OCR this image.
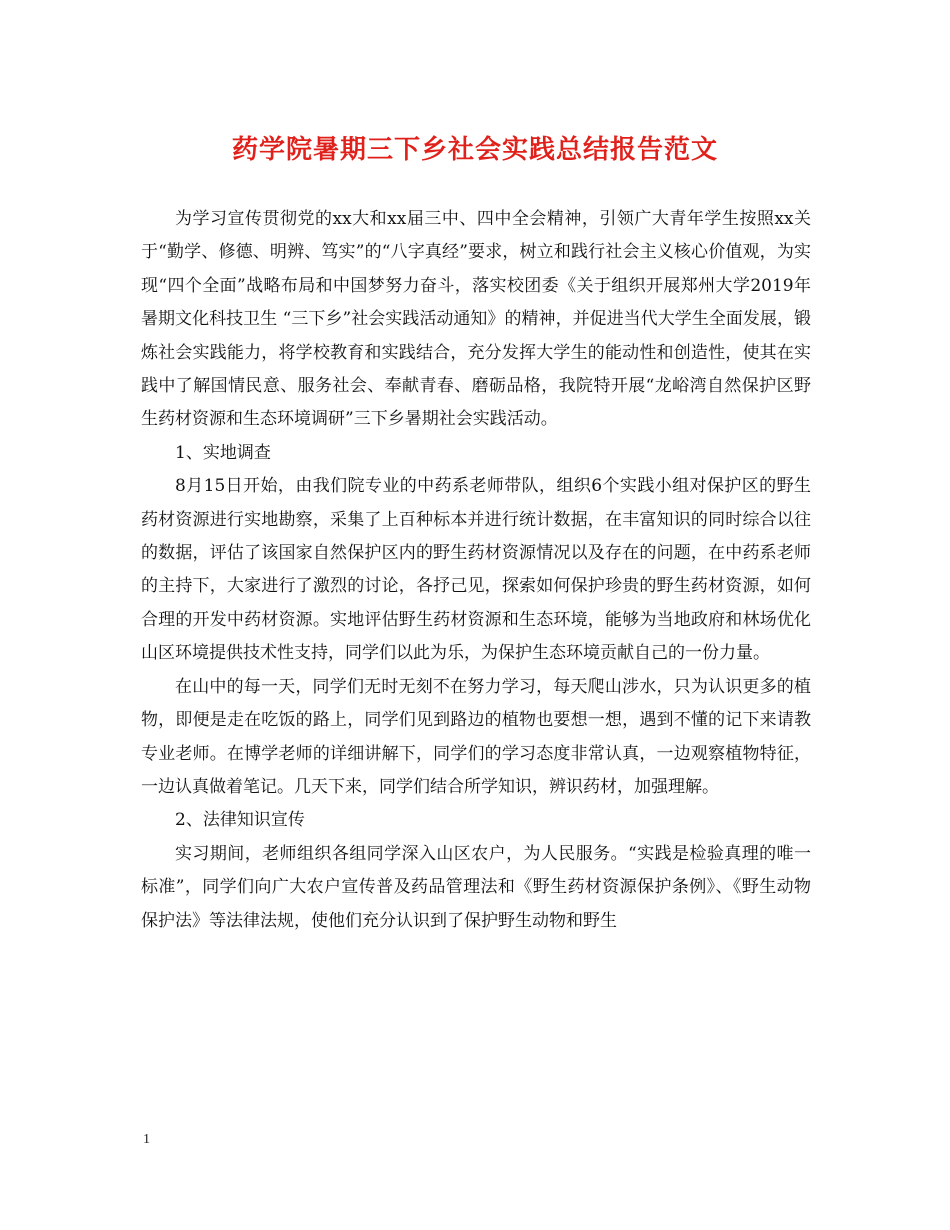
药学院暑期三下乡社会实践总结报告范文

为学习宣传贯彻党的xx大和xx届三中、四中全会精神，引领广大青年学生按照xx关于“勤学、修德、明辨、笃实”的“八字真经”要求，树立和践行社会主义核心价值观，为实现“四个全面”战略布局和中国梦努力奋斗，落实校团委《关于组织开展郑州大学2019年暑期文化科技卫生 “三下乡”社会实践活动通知》的精神，并促进当代大学生全面发展，锻炼社会实践能力，将学校教育和实践结合，充分发挥大学生的能动性和创造性，使其在实践中了解国情民意、服务社会、奉献青春、磨砺品格，我院特开展“龙峪湾自然保护区野生药材资源和生态环境调研”三下乡暑期社会实践活动。

1、实地调查

8月15日开始，由我们院专业的中药系老师带队，组织6个实践小组对保护区的野生药材资源进行实地勘察，采集了上百种标本并进行统计数据，在丰富知识的同时综合以往的数据，评估了该国家自然保护区内的野生药材资源情况以及存在的问题，在中药系老师的主持下，大家进行了激烈的讨论，各抒己见，探索如何保护珍贵的野生药材资源，如何合理的开发中药材资源。实地评估野生药材资源和生态环境，能够为当地政府和林场优化山区环境提供技术性支持，同学们以此为乐，为保护生态环境贡献自己的一份力量。

在山中的每一天，同学们无时无刻不在努力学习，每天爬山涉水，只为认识更多的植物，即便是走在吃饭的路上，同学们见到路边的植物也要想一想，遇到不懂的记下来请教专业老师。在博学老师的详细讲解下，同学们的学习态度非常认真，一边观察植物特征，一边认真做着笔记。几天下来，同学们结合所学知识，辨识药材，加强理解。

2、法律知识宣传

实习期间，老师组织各组同学深入山区农户，为人民服务。“实践是检验真理的唯一标准”，同学们向广大农户宣传普及药品管理法和《野生药材资源保护条例》、《野生动物保护法》等法律法规，使他们充分认识到了保护野生动物和野生

1
